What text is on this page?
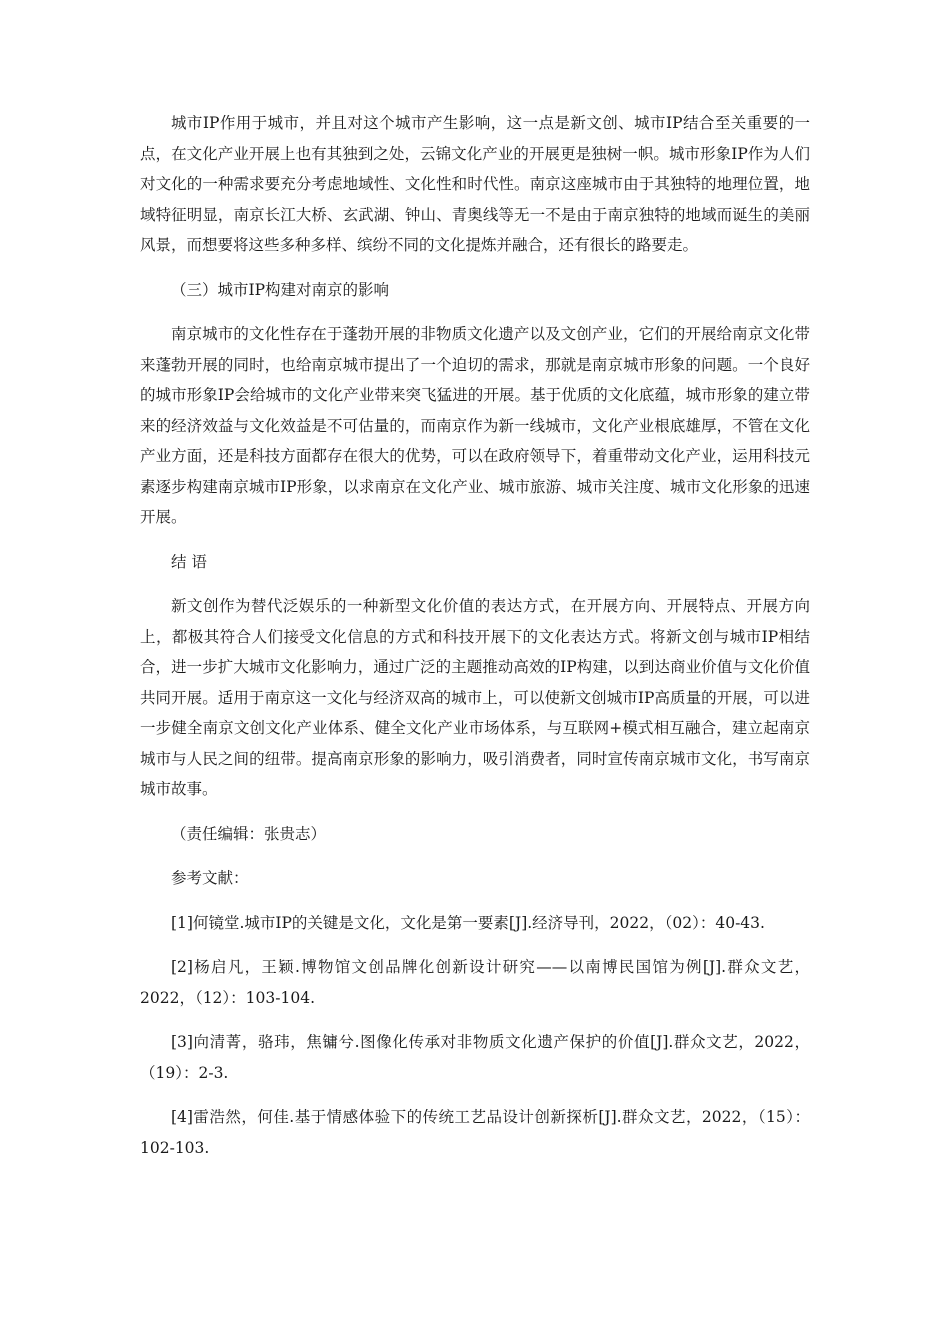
城市IP作用于城市，并且对这个城市产生影响，这一点是新文创、城市IP结合至关重要的一点，在文化产业开展上也有其独到之处，云锦文化产业的开展更是独树一帜。城市形象IP作为人们对文化的一种需求要充分考虑地域性、文化性和时代性。南京这座城市由于其独特的地理位置，地域特征明显，南京长江大桥、玄武湖、钟山、青奥线等无一不是由于南京独特的地域而诞生的美丽风景，而想要将这些多种多样、缤纷不同的文化提炼并融合，还有很长的路要走。

（三）城市IP构建对南京的影响

南京城市的文化性存在于蓬勃开展的非物质文化遗产以及文创产业，它们的开展给南京文化带来蓬勃开展的同时，也给南京城市提出了一个迫切的需求，那就是南京城市形象的问题。一个良好的城市形象IP会给城市的文化产业带来突飞猛进的开展。基于优质的文化底蕴，城市形象的建立带来的经济效益与文化效益是不可估量的，而南京作为新一线城市，文化产业根底雄厚，不管在文化产业方面，还是科技方面都存在很大的优势，可以在政府领导下，着重带动文化产业，运用科技元素逐步构建南京城市IP形象，以求南京在文化产业、城市旅游、城市关注度、城市文化形象的迅速开展。

结 语

新文创作为替代泛娱乐的一种新型文化价值的表达方式，在开展方向、开展特点、开展方向上，都极其符合人们接受文化信息的方式和科技开展下的文化表达方式。将新文创与城市IP相结合，进一步扩大城市文化影响力，通过广泛的主题推动高效的IP构建，以到达商业价值与文化价值共同开展。适用于南京这一文化与经济双高的城市上，可以使新文创城市IP高质量的开展，可以进一步健全南京文创文化产业体系、健全文化产业市场体系，与互联网+模式相互融合，建立起南京城市与人民之间的纽带。提高南京形象的影响力，吸引消费者，同时宣传南京城市文化，书写南京城市故事。

（责任编辑：张贵志）

参考文献：

[1]何镜堂.城市IP的关键是文化，文化是第一要素[J].经济导刊，2022，（02）：40-43.

[2]杨启凡，王颖.博物馆文创品牌化创新设计研究——以南博民国馆为例[J].群众文艺，2022，（12）：103-104.

[3]向清菁，骆玮，焦镛兮.图像化传承对非物质文化遗产保护的价值[J].群众文艺，2022，（19）：2-3.

[4]雷浩然，何佳.基于情感体验下的传统工艺品设计创新探析[J].群众文艺，2022，（15）：102-103.
